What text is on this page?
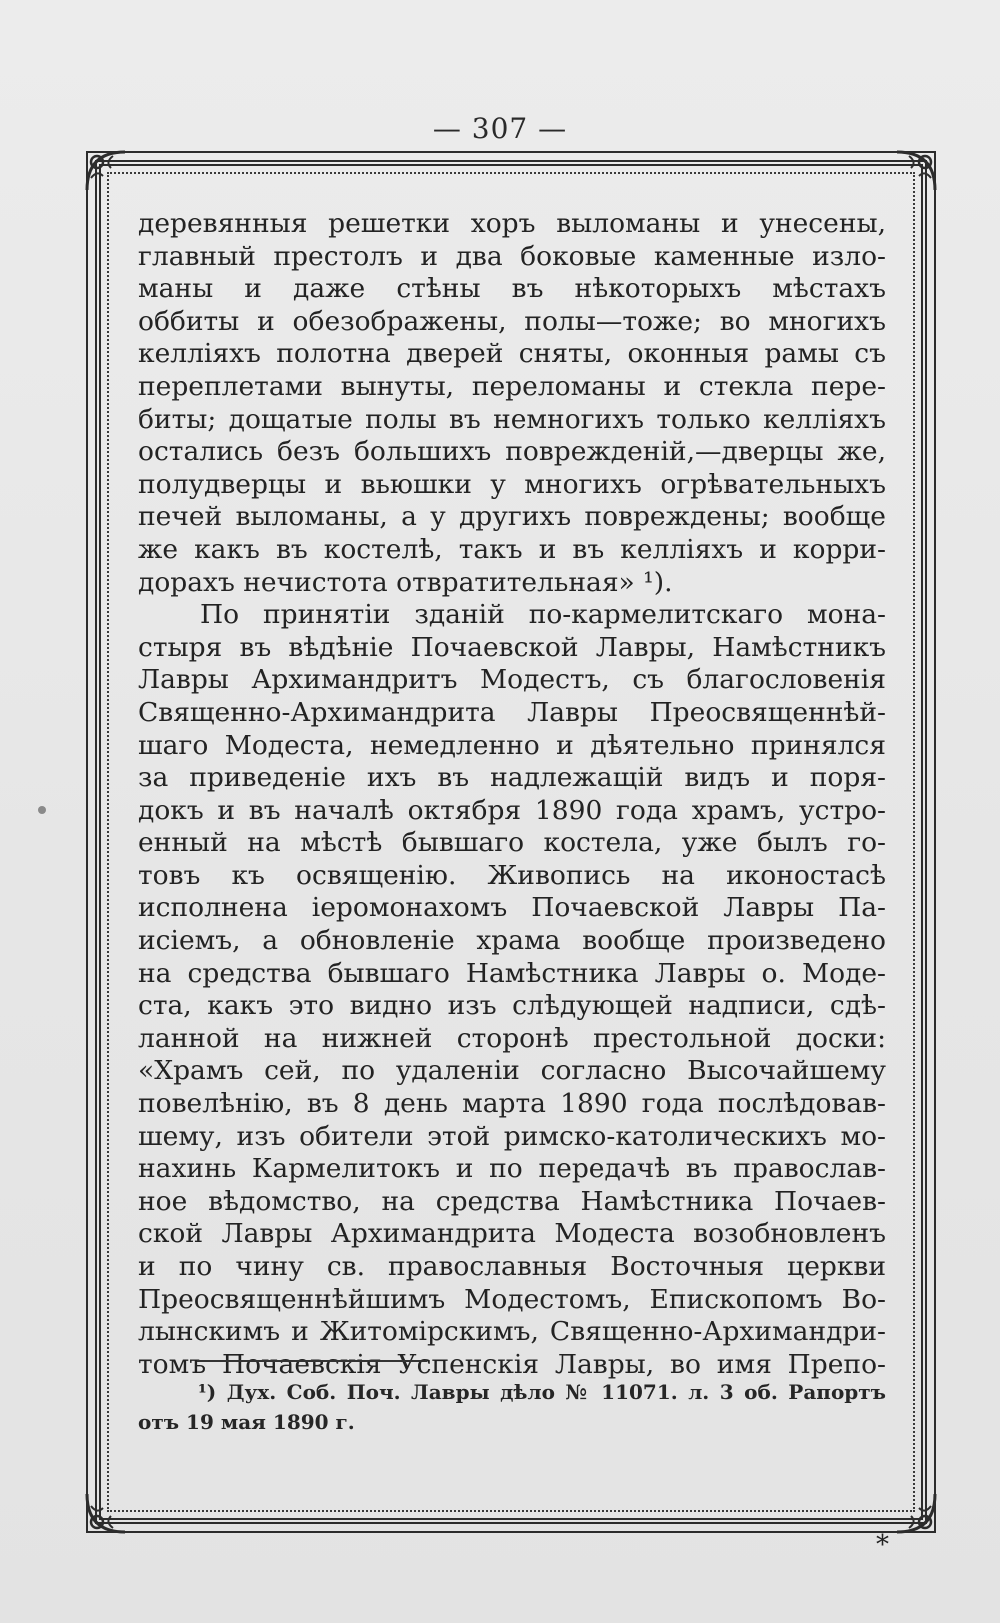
— 307 —
деревянныя решетки хоръ выломаны и унесены,
главный престолъ и два боковые каменные изло-
маны и даже стѣны въ нѣкоторыхъ мѣстахъ
оббиты и обезображены, полы—тоже; во многихъ
келліяхъ полотна дверей сняты, оконныя рамы съ
переплетами вынуты, переломаны и стекла пере-
биты; дощатые полы въ немногихъ только келліяхъ
остались безъ большихъ поврежденій,—дверцы же,
полудверцы и вьюшки у многихъ огрѣвательныхъ
печей выломаны, а у другихъ повреждены; вообще
же какъ въ костелѣ, такъ и въ келліяхъ и корри-
дорахъ нечистота отвратительная» ¹).
По принятіи зданій по-кармелитскаго мона-
стыря въ вѣдѣніе Почаевской Лавры, Намѣстникъ
Лавры Архимандритъ Модестъ, съ благословенія
Священно-Архимандрита Лавры Преосвященнѣй-
шаго Модеста, немедленно и дѣятельно принялся
за приведеніе ихъ въ надлежащій видъ и поря-
докъ и въ началѣ октября 1890 года храмъ, устро-
енный на мѣстѣ бывшаго костела, уже былъ го-
товъ къ освященію. Живопись на иконостасѣ
исполнена іеромонахомъ Почаевской Лавры Па-
исіемъ, а обновленіе храма вообще произведено
на средства бывшаго Намѣстника Лавры о. Моде-
ста, какъ это видно изъ слѣдующей надписи, сдѣ-
ланной на нижней сторонѣ престольной доски:
«Храмъ сей, по удаленіи согласно Высочайшему
повелѣнію, въ 8 день марта 1890 года послѣдовав-
шему, изъ обители этой римско-католическихъ мо-
нахинь Кармелитокъ и по передачѣ въ православ-
ное вѣдомство, на средства Намѣстника Почаев-
ской Лавры Архимандрита Модеста возобновленъ
и по чину св. православныя Восточныя церкви
Преосвященнѣйшимъ Модестомъ, Епископомъ Во-
лынскимъ и Житомірскимъ, Священно-Архимандри-
томъ Почаевскія Успенскія Лавры, во имя Препо-
¹) Дух. Соб. Поч. Лавры дѣло № 11071. л. 3 об. Рапортъ
отъ 19 мая 1890 г.
*
